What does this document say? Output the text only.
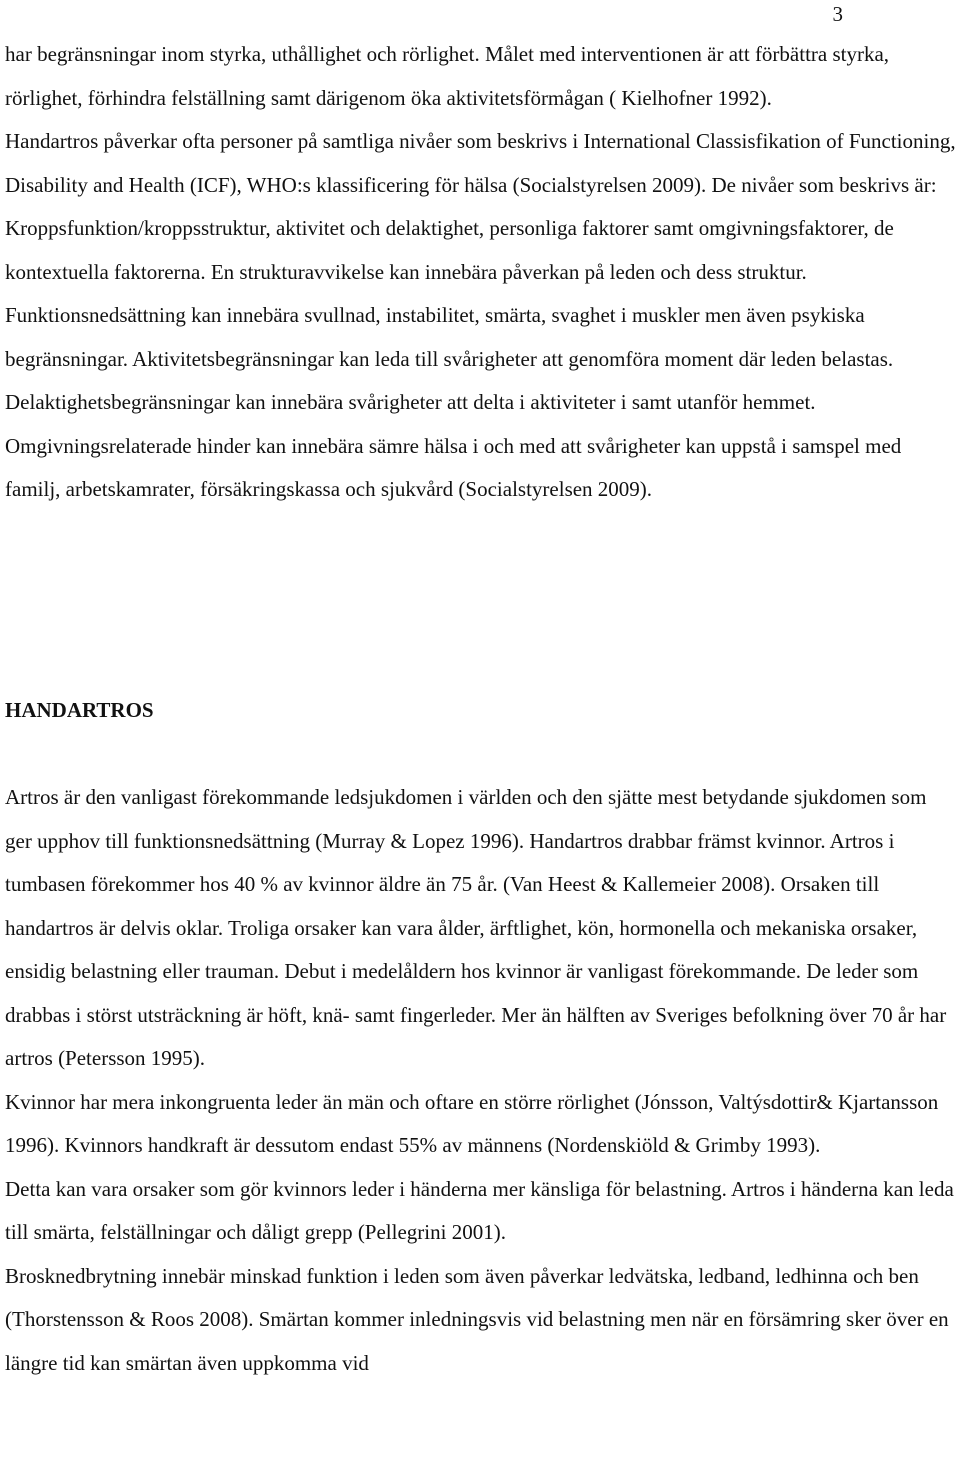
3

har begränsningar inom styrka, uthållighet och rörlighet. Målet med interventionen är att förbättra styrka, rörlighet, förhindra felställning samt därigenom öka aktivitetsförmågan ( Kielhofner 1992).

Handartros påverkar ofta personer på samtliga nivåer som beskrivs i International Classisfikation of Functioning, Disability and Health (ICF), WHO:s klassificering för hälsa (Socialstyrelsen 2009). De nivåer som beskrivs är: Kroppsfunktion/kroppsstruktur, aktivitet och delaktighet, personliga faktorer samt omgivningsfaktorer, de kontextuella faktorerna. En strukturavvikelse kan innebära påverkan på leden och dess struktur. Funktionsnedsättning kan innebära svullnad, instabilitet, smärta, svaghet i muskler men även psykiska begränsningar. Aktivitetsbegränsningar kan leda till svårigheter att genomföra moment där leden belastas. Delaktighetsbegränsningar kan innebära svårigheter att delta i aktiviteter i samt utanför hemmet. Omgivningsrelaterade hinder kan innebära sämre hälsa i och med att svårigheter kan uppstå i samspel med familj, arbetskamrater, försäkringskassa och sjukvård (Socialstyrelsen 2009).

HANDARTROS

Artros är den vanligast förekommande ledsjukdomen i världen och den sjätte mest betydande sjukdomen som ger upphov till funktionsnedsättning (Murray & Lopez 1996). Handartros drabbar främst kvinnor. Artros i tumbasen förekommer hos 40 % av kvinnor äldre än 75 år. (Van Heest & Kallemeier 2008). Orsaken till handartros är delvis oklar. Troliga orsaker kan vara ålder, ärftlighet, kön, hormonella och mekaniska orsaker, ensidig belastning eller trauman. Debut i medelåldern hos kvinnor är vanligast förekommande. De leder som drabbas i störst utsträckning är höft, knä- samt fingerleder. Mer än hälften av Sveriges befolkning över 70 år har artros (Petersson 1995).

Kvinnor har mera inkongruenta leder än män och oftare en större rörlighet (Jónsson, Valtýsdottir& Kjartansson 1996). Kvinnors handkraft är dessutom endast 55% av männens (Nordenskiöld & Grimby 1993).

Detta kan vara orsaker som gör kvinnors leder i händerna mer känsliga för belastning. Artros i händerna kan leda till smärta, felställningar och dåligt grepp (Pellegrini 2001).

Brosknedbrytning innebär minskad funktion i leden som även påverkar ledvätska, ledband, ledhinna och ben (Thorstensson & Roos 2008). Smärtan kommer inledningsvis vid belastning men när en försämring sker över en längre tid kan smärtan även uppkomma vid
